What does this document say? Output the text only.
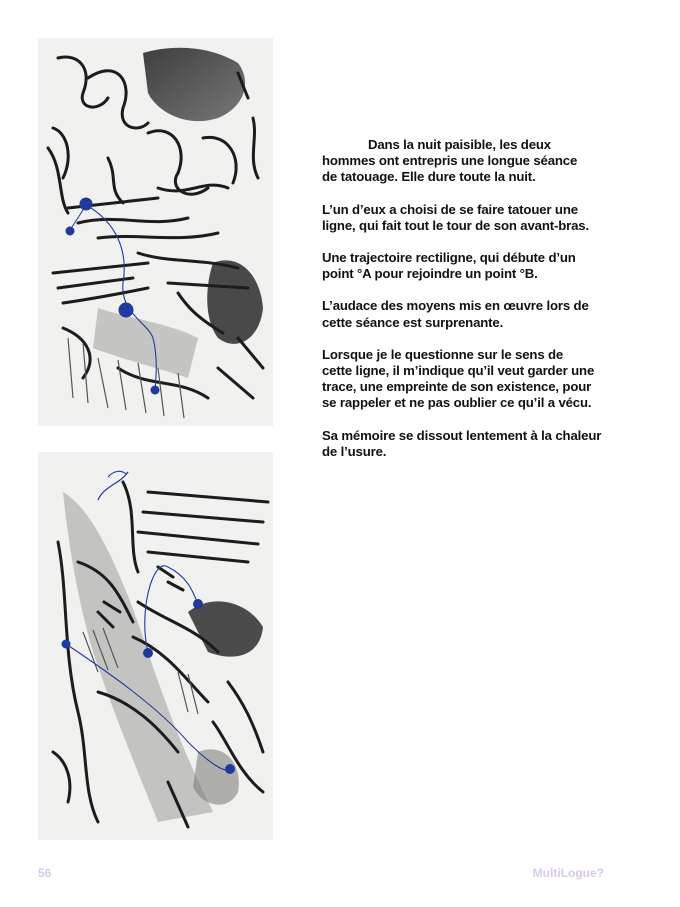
Dans la nuit paisible, les deux
hommes ont entrepris une longue séance
de tatouage. Elle dure toute la nuit.

L’un d’eux a choisi de se faire tatouer une
ligne, qui fait tout le tour de son avant-bras.

Une trajectoire rectiligne, qui débute d’un
point °A pour rejoindre un point °B.

L’audace des moyens mis en œuvre lors de
cette séance est surprenante.

Lorsque je le questionne sur le sens de
cette ligne, il m’indique qu’il veut garder une
trace, une empreinte de son existence, pour
se rappeler et ne pas oublier ce qu’il a vécu.

Sa mémoire se dissout lentement à la chaleur
de l’usure.

56	MultiLogue?
